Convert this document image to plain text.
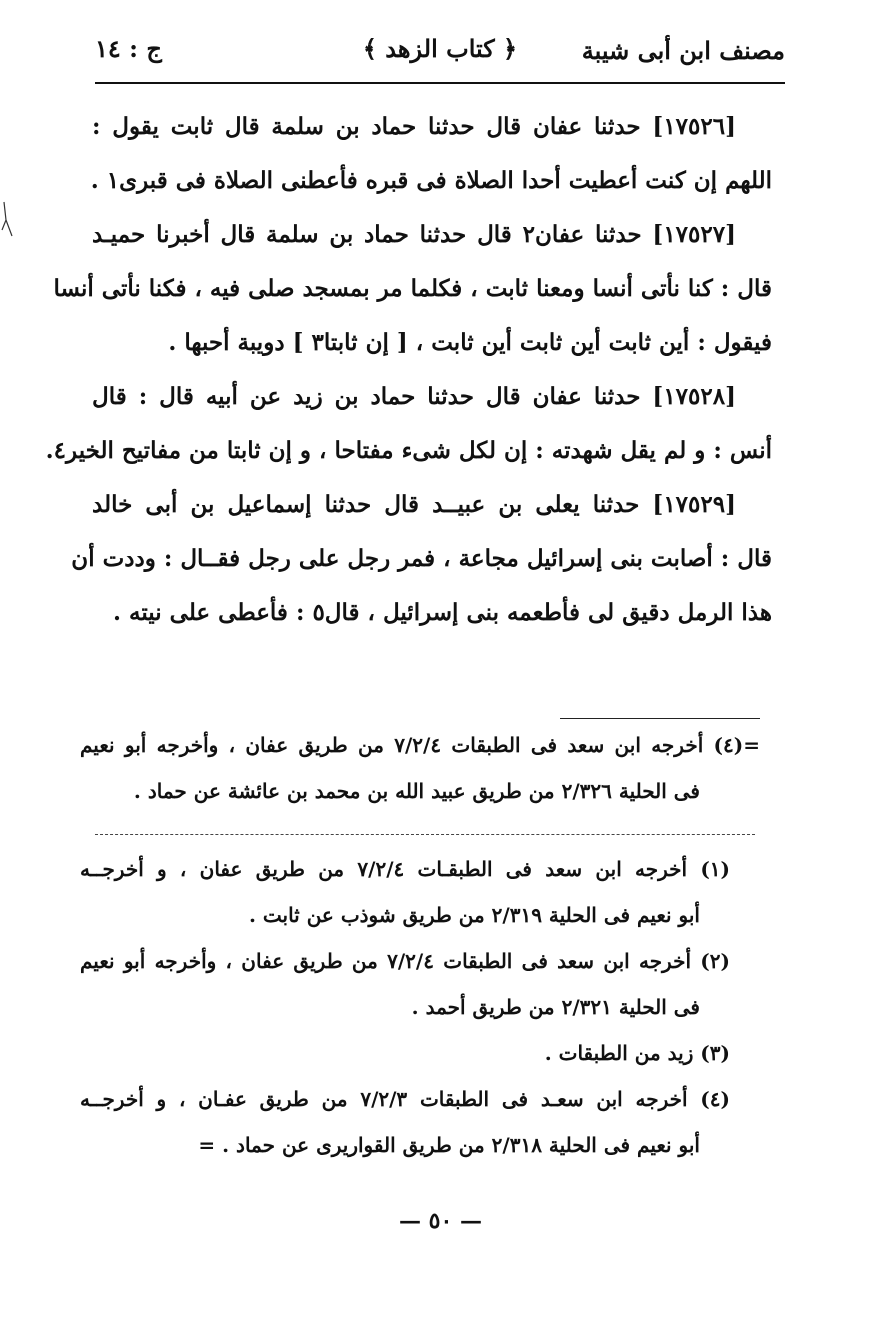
مصنف ابن أبى شيبة
﴿ كتاب الزهد ﴾
ج : ١٤
[١٧٥٢٦] حدثنا عفان قال حدثنا حماد بن سلمة قال ثابت يقول :
اللهم إن كنت أعطيت أحدا الصلاة فى قبره فأعطنى الصلاة فى قبرى١ .
[١٧٥٢٧] حدثنا عفان٢ قال حدثنا حماد بن سلمة قال أخبرنا حميـد
قال : كنا نأتى أنسا ومعنا ثابت ، فكلما مر بمسجد صلى فيه ، فكنا نأتى أنسا
فيقول : أين ثابت أين ثابت أين ثابت ، [ إن ثابتا٣ ] دويبة أحبها .
[١٧٥٢٨] حدثنا عفان قال حدثنا حماد بن زيد عن أبيه قال : قال
أنس : و لم يقل شهدته : إن لكل شىء مفتاحا ، و إن ثابتا من مفاتيح الخير٤.
[١٧٥٢٩] حدثنا يعلى بن عبيــد قال حدثنا إسماعيل بن أبى خالد
قال : أصابت بنى إسرائيل مجاعة ، فمر رجل على رجل فقــال : وددت أن
هذا الرمل دقيق لى فأطعمه بنى إسرائيل ، قال٥ : فأعطى على نيته .
=(٤) أخرجه ابن سعد فى الطبقات ٧/٢/٤ من طريق عفان ، وأخرجه أبو نعيم
فى الحلية ٢/٣٢٦ من طريق عبيد الله بن محمد بن عائشة عن حماد .
(١) أخرجه ابن سعد فى الطبقـات ٧/٢/٤ من طريق عفان ، و أخرجــه
أبو نعيم فى الحلية ٢/٣١٩ من طريق شوذب عن ثابت .
(٢) أخرجه ابن سعد فى الطبقات ٧/٢/٤ من طريق عفان ، وأخرجه أبو نعيم
فى الحلية ٢/٣٢١ من طريق أحمد .
(٣) زيد من الطبقات .
(٤) أخرجه ابن سعـد فى الطبقات ٧/٢/٣ من طريق عفـان ، و أخرجــه
أبو نعيم فى الحلية ٢/٣١٨ من طريق القواريرى عن حماد . =
— ٥٠ —
